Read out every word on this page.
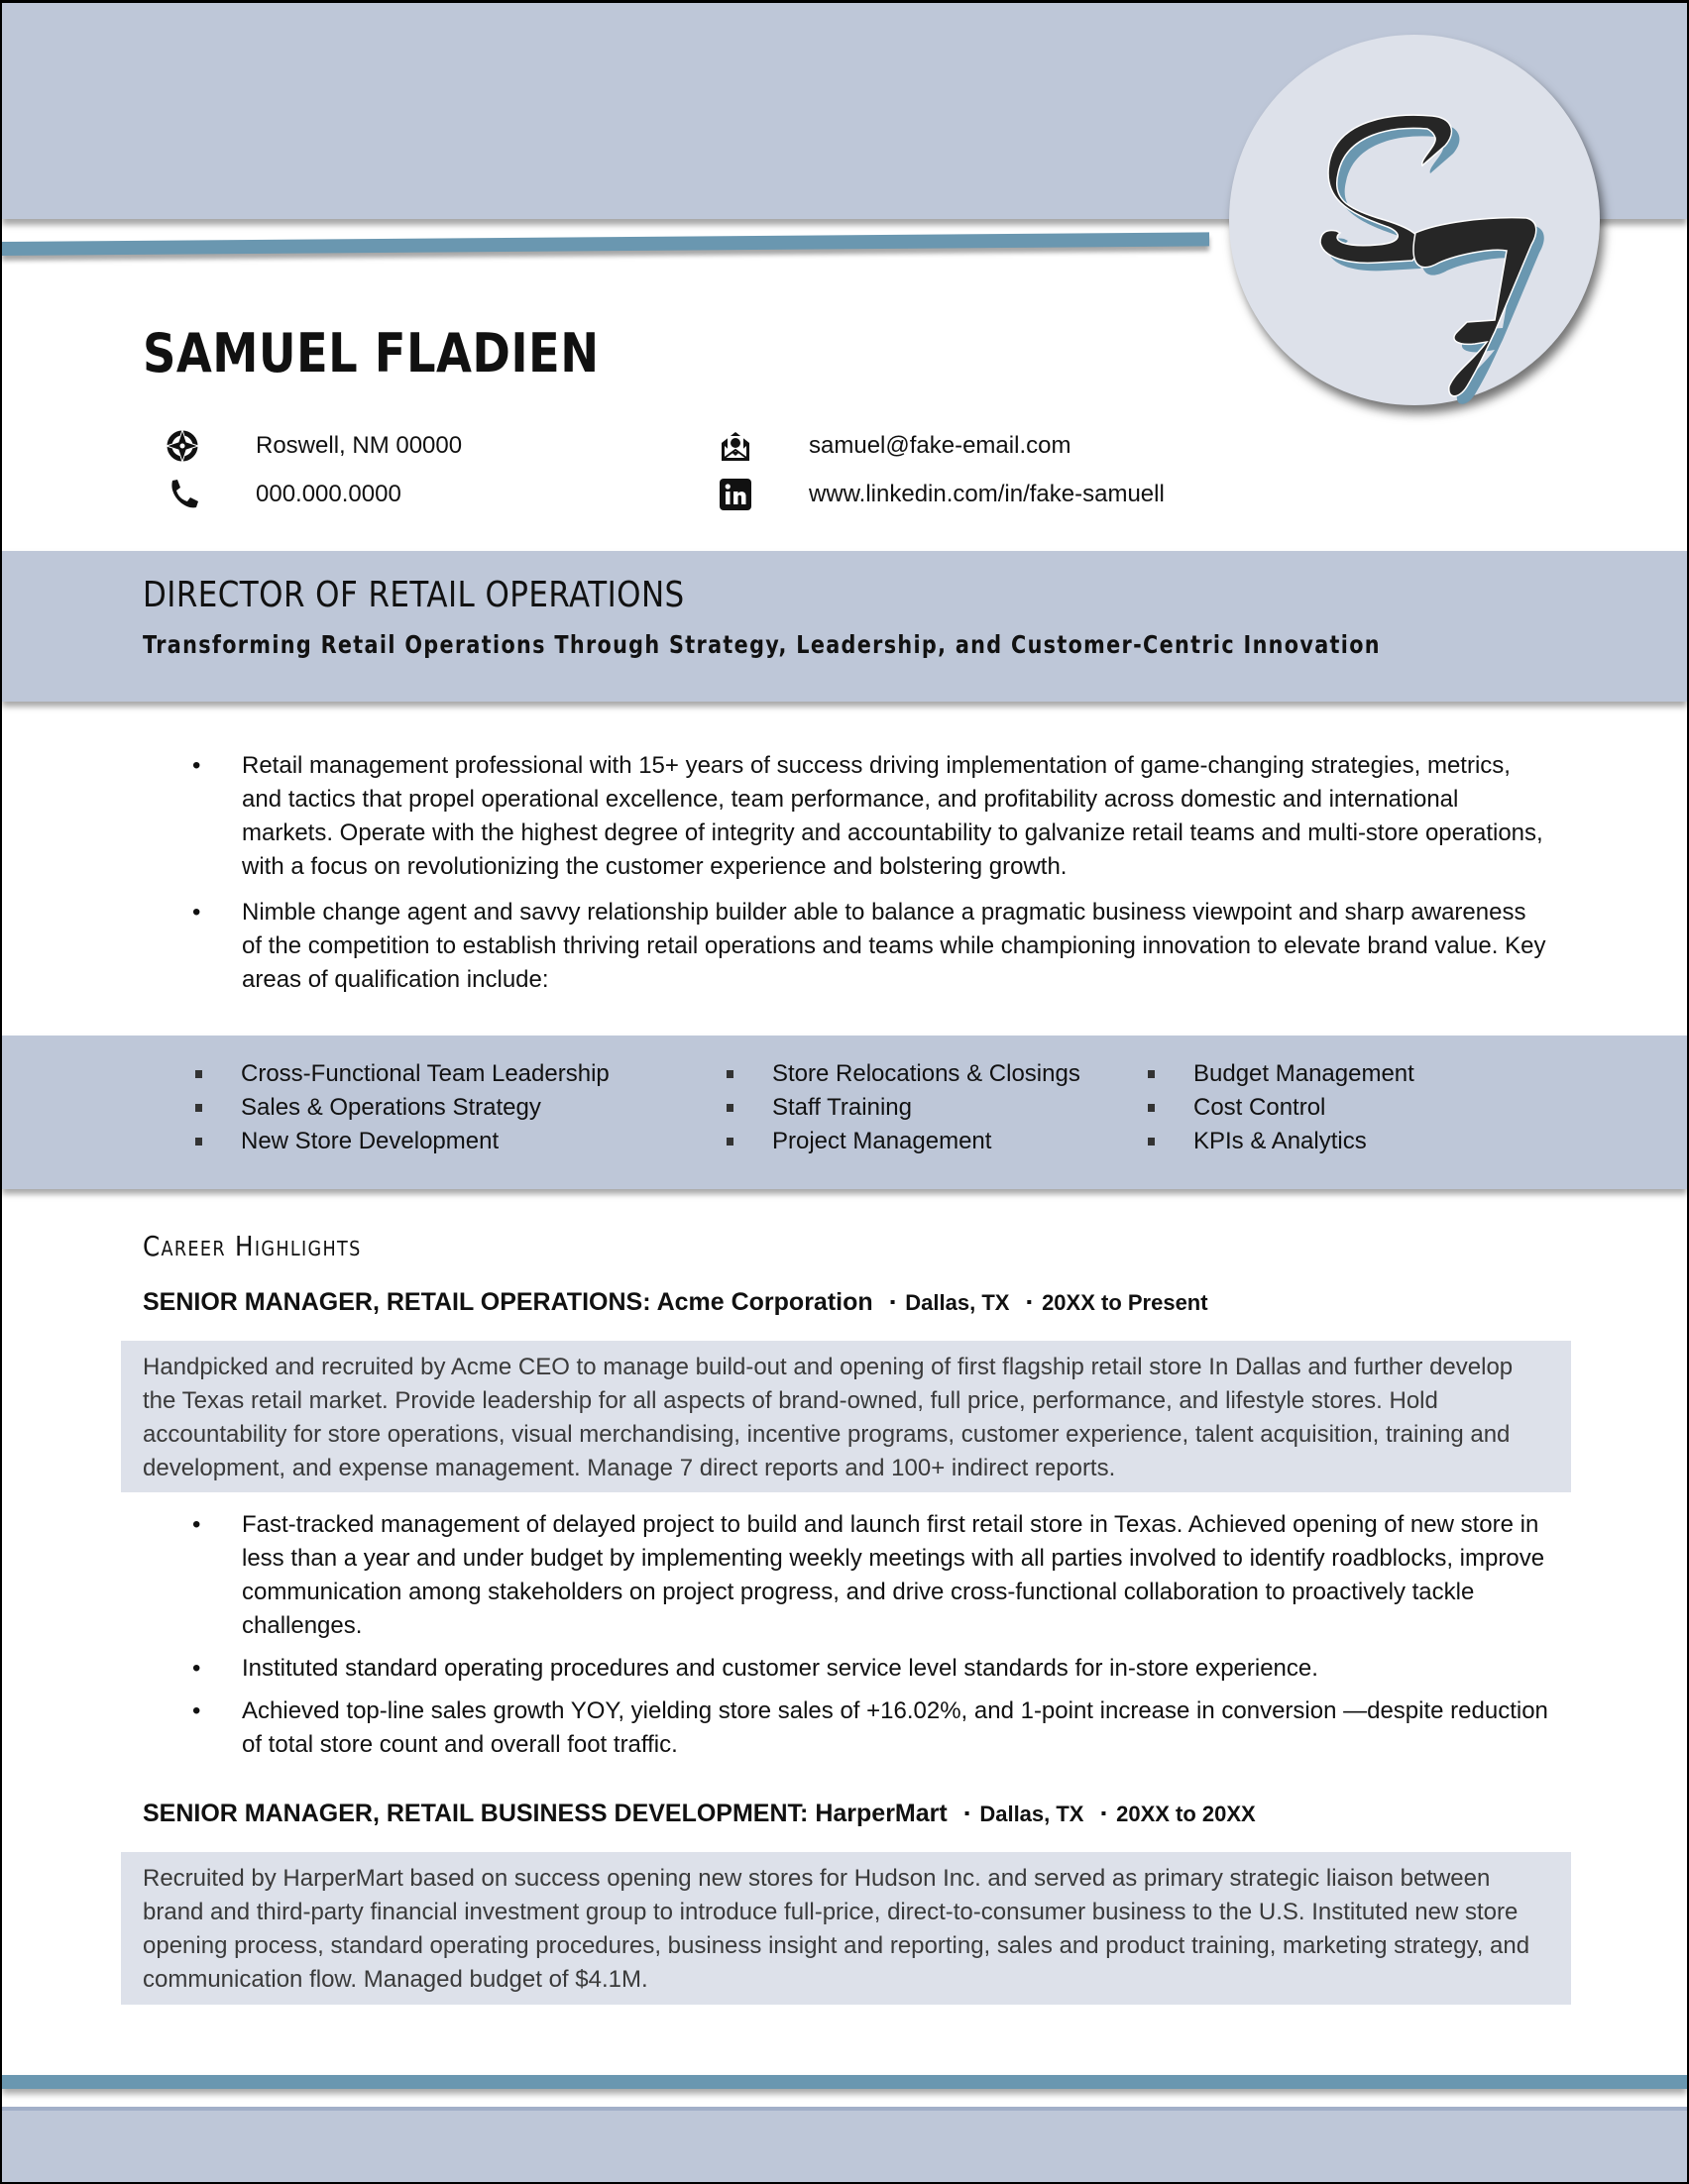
SAMUEL FLADIEN
Roswell, NM 00000
000.000.0000
samuel@fake-email.com
www.linkedin.com/in/fake-samuell
DIRECTOR OF RETAIL OPERATIONS
Transforming Retail Operations Through Strategy, Leadership, and Customer-Centric Innovation
• Retail management professional with 15+ years of success driving implementation of game-changing strategies, metrics, and tactics that propel operational excellence, team performance, and profitability across domestic and international markets. Operate with the highest degree of integrity and accountability to galvanize retail teams and multi-store operations, with a focus on revolutionizing the customer experience and bolstering growth.
• Nimble change agent and savvy relationship builder able to balance a pragmatic business viewpoint and sharp awareness of the competition to establish thriving retail operations and teams while championing innovation to elevate brand value. Key areas of qualification include:
Cross-Functional Team Leadership
Sales & Operations Strategy
New Store Development
Store Relocations & Closings
Staff Training
Project Management
Budget Management
Cost Control
KPIs & Analytics
Career Highlights
SENIOR MANAGER, RETAIL OPERATIONS: Acme Corporation ▪ Dallas, TX ▪ 20XX to Present
Handpicked and recruited by Acme CEO to manage build-out and opening of first flagship retail store In Dallas and further develop the Texas retail market. Provide leadership for all aspects of brand-owned, full price, performance, and lifestyle stores. Hold accountability for store operations, visual merchandising, incentive programs, customer experience, talent acquisition, training and development, and expense management. Manage 7 direct reports and 100+ indirect reports.
• Fast-tracked management of delayed project to build and launch first retail store in Texas. Achieved opening of new store in less than a year and under budget by implementing weekly meetings with all parties involved to identify roadblocks, improve communication among stakeholders on project progress, and drive cross-functional collaboration to proactively tackle challenges.
• Instituted standard operating procedures and customer service level standards for in-store experience.
• Achieved top-line sales growth YOY, yielding store sales of +16.02%, and 1-point increase in conversion —despite reduction of total store count and overall foot traffic.
SENIOR MANAGER, RETAIL BUSINESS DEVELOPMENT: HarperMart ▪ Dallas, TX ▪ 20XX to 20XX
Recruited by HarperMart based on success opening new stores for Hudson Inc. and served as primary strategic liaison between brand and third-party financial investment group to introduce full-price, direct-to-consumer business to the U.S. Instituted new store opening process, standard operating procedures, business insight and reporting, sales and product training, marketing strategy, and communication flow. Managed budget of $4.1M.
